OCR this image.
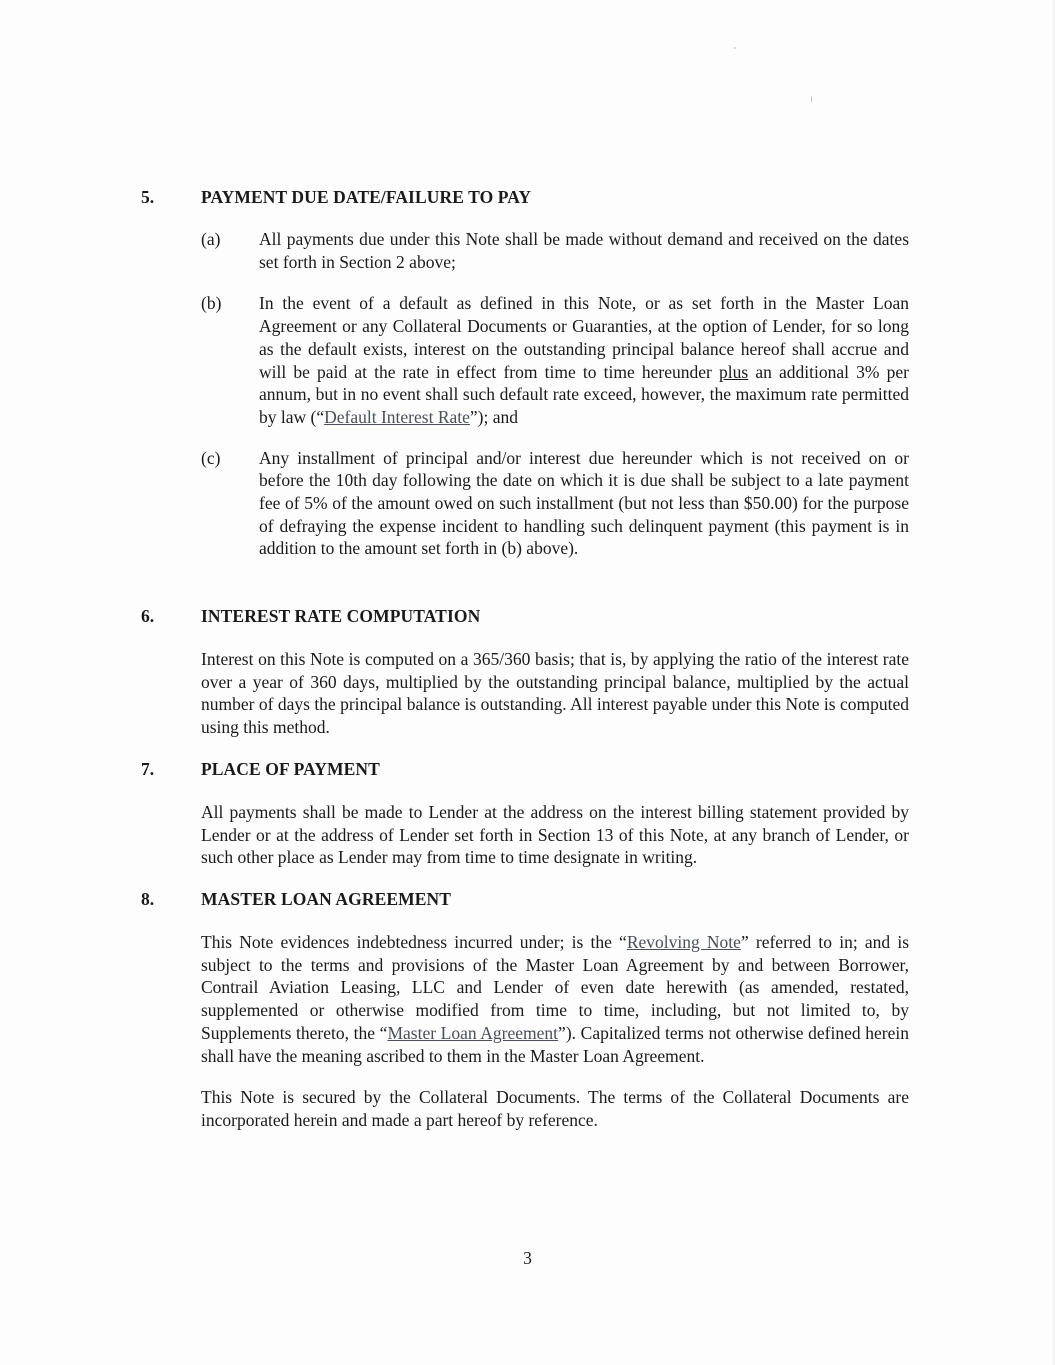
5.	PAYMENT DUE DATE/FAILURE TO PAY
(a) All payments due under this Note shall be made without demand and received on the dates set forth in Section 2 above;
(b) In the event of a default as defined in this Note, or as set forth in the Master Loan Agreement or any Collateral Documents or Guaranties, at the option of Lender, for so long as the default exists, interest on the outstanding principal balance hereof shall accrue and will be paid at the rate in effect from time to time hereunder plus an additional 3% per annum, but in no event shall such default rate exceed, however, the maximum rate permitted by law (“Default Interest Rate”); and
(c) Any installment of principal and/or interest due hereunder which is not received on or before the 10th day following the date on which it is due shall be subject to a late payment fee of 5% of the amount owed on such installment (but not less than $50.00) for the purpose of defraying the expense incident to handling such delinquent payment (this payment is in addition to the amount set forth in (b) above).
6.	INTEREST RATE COMPUTATION
Interest on this Note is computed on a 365/360 basis; that is, by applying the ratio of the interest rate over a year of 360 days, multiplied by the outstanding principal balance, multiplied by the actual number of days the principal balance is outstanding. All interest payable under this Note is computed using this method.
7.	PLACE OF PAYMENT
All payments shall be made to Lender at the address on the interest billing statement provided by Lender or at the address of Lender set forth in Section 13 of this Note, at any branch of Lender, or such other place as Lender may from time to time designate in writing.
8.	MASTER LOAN AGREEMENT
This Note evidences indebtedness incurred under; is the “Revolving Note” referred to in; and is subject to the terms and provisions of the Master Loan Agreement by and between Borrower, Contrail Aviation Leasing, LLC and Lender of even date herewith (as amended, restated, supplemented or otherwise modified from time to time, including, but not limited to, by Supplements thereto, the “Master Loan Agreement”). Capitalized terms not otherwise defined herein shall have the meaning ascribed to them in the Master Loan Agreement.
This Note is secured by the Collateral Documents. The terms of the Collateral Documents are incorporated herein and made a part hereof by reference.
3
